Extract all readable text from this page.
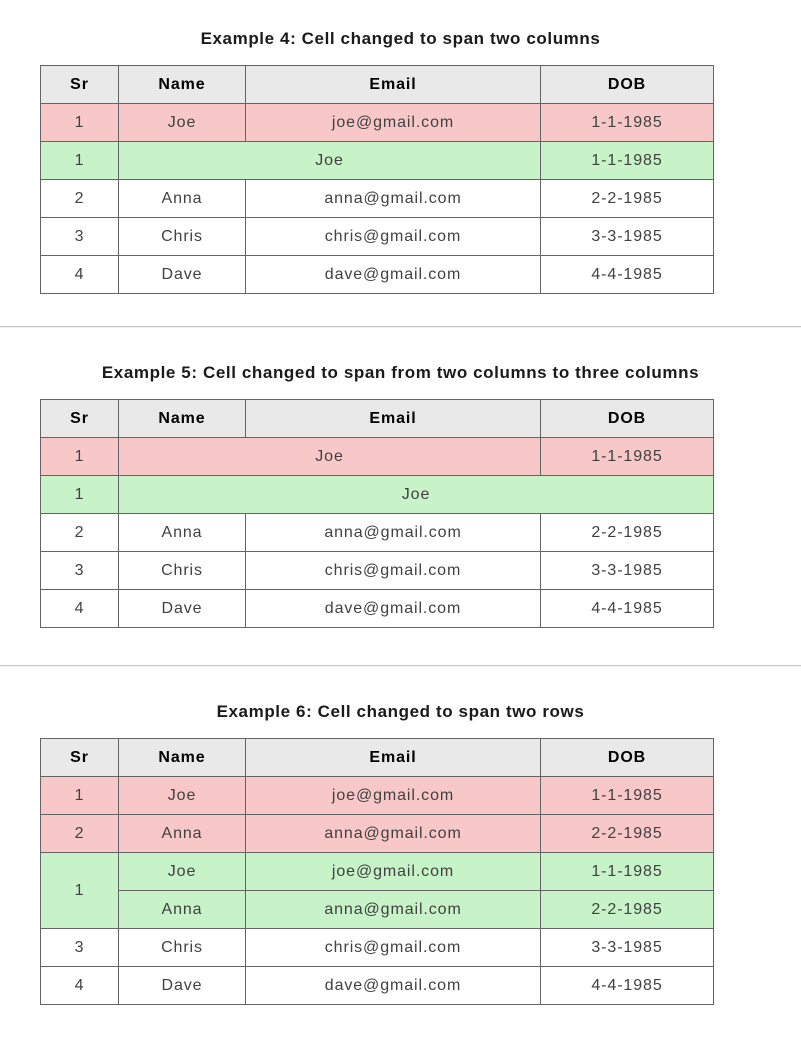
Example 4: Cell changed to span two columns
Sr	Name	Email	DOB
1	Joe	joe@gmail.com	1-1-1985
1	Joe		1-1-1985
2	Anna	anna@gmail.com	2-2-1985
3	Chris	chris@gmail.com	3-3-1985
4	Dave	dave@gmail.com	4-4-1985
Example 5: Cell changed to span from two columns to three columns
Sr	Name	Email	DOB
1	Joe		1-1-1985
1	Joe		
2	Anna	anna@gmail.com	2-2-1985
3	Chris	chris@gmail.com	3-3-1985
4	Dave	dave@gmail.com	4-4-1985
Example 6: Cell changed to span two rows
Sr	Name	Email	DOB
1	Joe	joe@gmail.com	1-1-1985
2	Anna	anna@gmail.com	2-2-1985
1	Joe	joe@gmail.com	1-1-1985
	Anna	anna@gmail.com	2-2-1985
3	Chris	chris@gmail.com	3-3-1985
4	Dave	dave@gmail.com	4-4-1985
